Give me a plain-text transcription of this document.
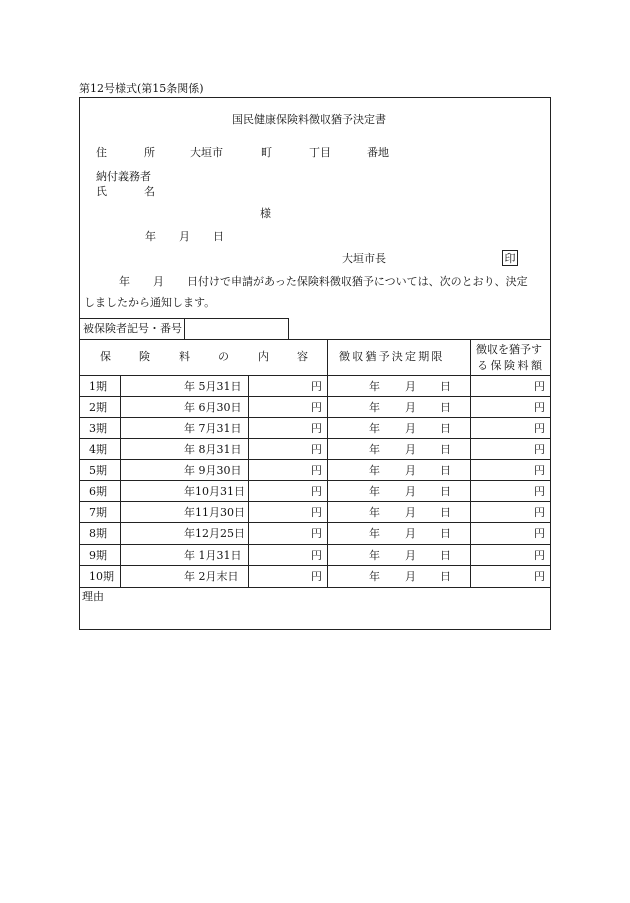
第12号様式(第15条関係)
国民健康保険料徴収猶予決定書
住	所	大垣市	町	丁目	番地
納付義務者
氏	名
様
年 月 日
大垣市長	印
年 月 日付けで申請があった保険料徴収猶予については、次のとおり、決定
しましたから通知します。
被保険者記号・番号
保	険	料	の	内	容	徴収猶予決定期限
徴収を猶予す
る保険料額
1期	年 5月31日	円	年 月 日	円
2期	年 6月30日	円	年 月 日	円
3期	年 7月31日	円	年 月 日	円
4期	年 8月31日	円	年 月 日	円
5期	年 9月30日	円	年 月 日	円
6期	年10月31日	円	年 月 日	円
7期	年11月30日	円	年 月 日	円
8期	年12月25日	円	年 月 日	円
9期	年 1月31日	円	年 月 日	円
10期	年 2月末日	円	年 月 日	円
理由
